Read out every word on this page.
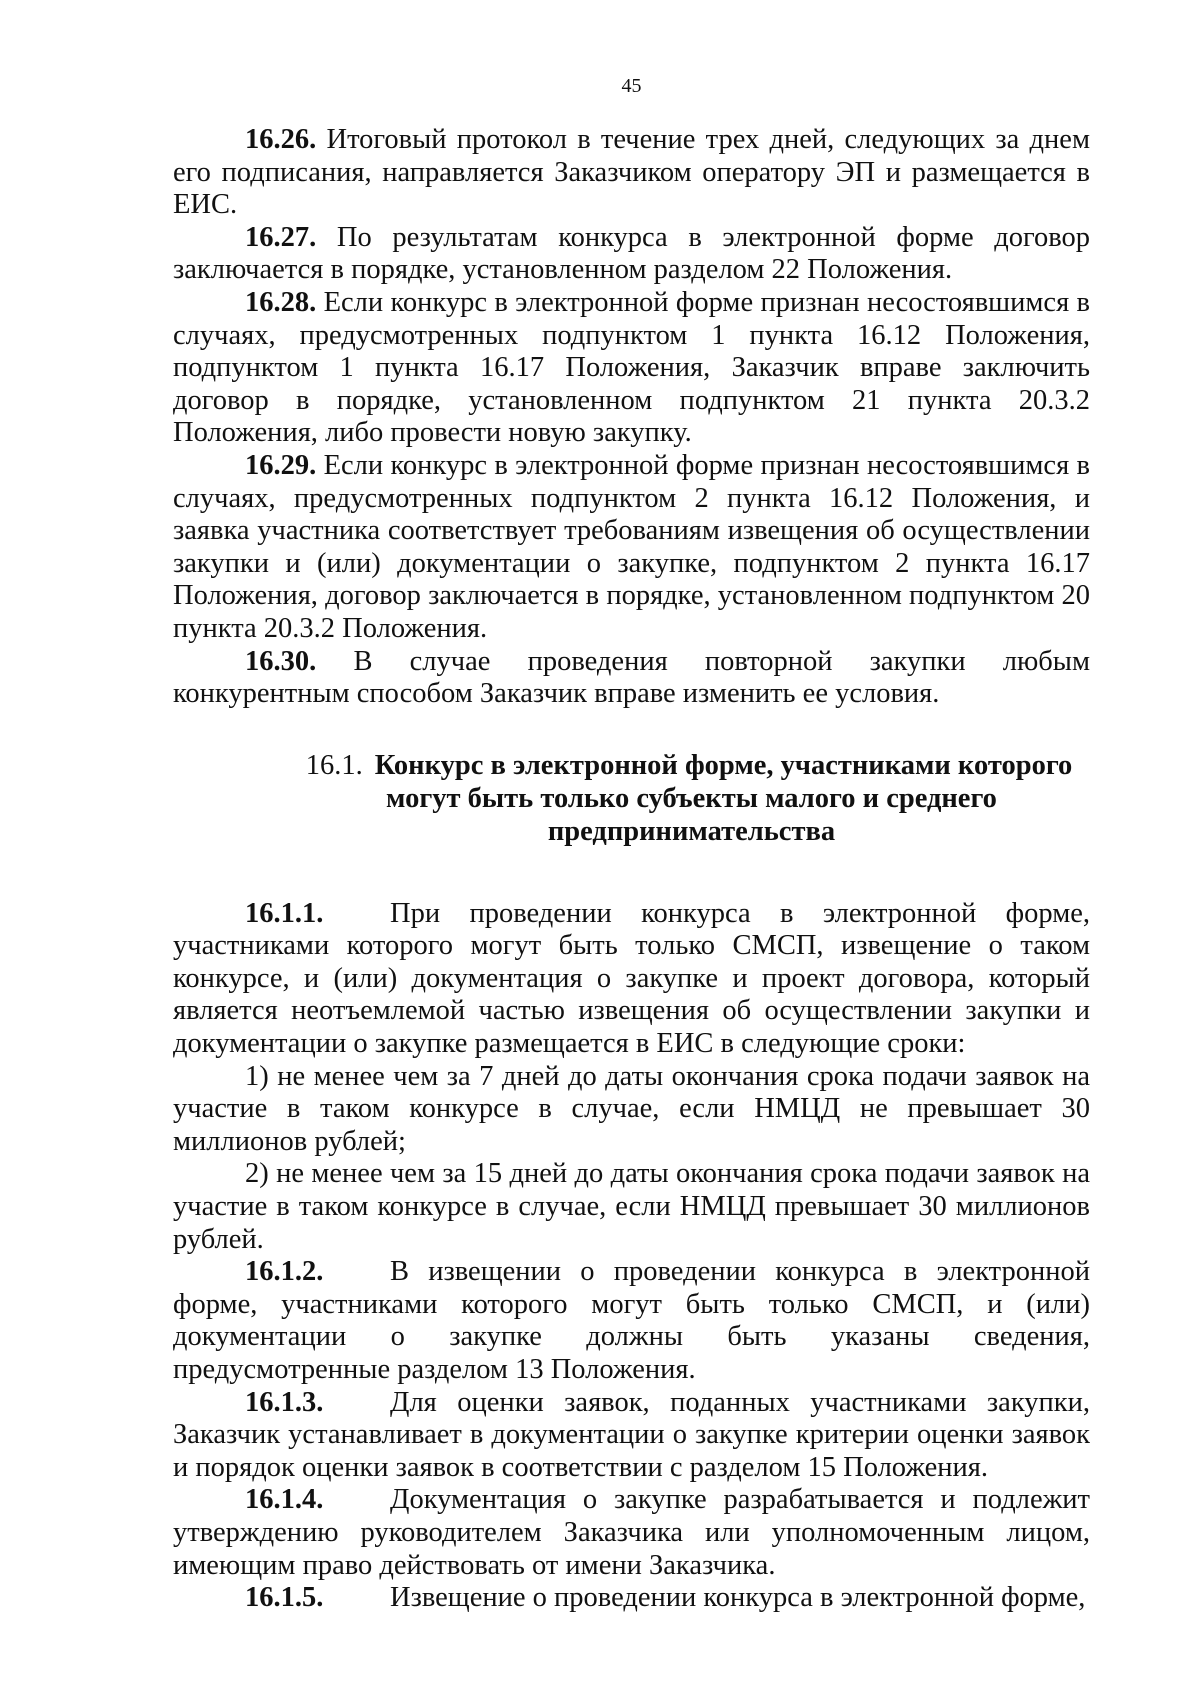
45

16.26. Итоговый протокол в течение трех дней, следующих за днем его подписания, направляется Заказчиком оператору ЭП и размещается в ЕИС.

16.27. По результатам конкурса в электронной форме договор заключается в порядке, установленном разделом 22 Положения.

16.28. Если конкурс в электронной форме признан несостоявшимся в случаях, предусмотренных подпунктом 1 пункта 16.12 Положения, подпунктом 1 пункта 16.17 Положения, Заказчик вправе заключить договор в порядке, установленном подпунктом 21 пункта 20.3.2 Положения, либо провести новую закупку.

16.29. Если конкурс в электронной форме признан несостоявшимся в случаях, предусмотренных подпунктом 2 пункта 16.12 Положения, и заявка участника соответствует требованиям извещения об осуществлении закупки и (или) документации о закупке, подпунктом 2 пункта 16.17 Положения, договор заключается в порядке, установленном подпунктом 20 пункта 20.3.2 Положения.

16.30. В случае проведения повторной закупки любым конкурентным способом Заказчик вправе изменить ее условия.

16.1. Конкурс в электронной форме, участниками которого
могут быть только субъекты малого и среднего
предпринимательства

16.1.1. При проведении конкурса в электронной форме, участниками которого могут быть только СМСП, извещение о таком конкурсе, и (или) документация о закупке и проект договора, который является неотъемлемой частью извещения об осуществлении закупки и документации о закупке размещается в ЕИС в следующие сроки:

1) не менее чем за 7 дней до даты окончания срока подачи заявок на участие в таком конкурсе в случае, если НМЦД не превышает 30 миллионов рублей;

2) не менее чем за 15 дней до даты окончания срока подачи заявок на участие в таком конкурсе в случае, если НМЦД превышает 30 миллионов рублей.

16.1.2. В извещении о проведении конкурса в электронной форме, участниками которого могут быть только СМСП, и (или) документации о закупке должны быть указаны сведения, предусмотренные разделом 13 Положения.

16.1.3. Для оценки заявок, поданных участниками закупки, Заказчик устанавливает в документации о закупке критерии оценки заявок и порядок оценки заявок в соответствии с разделом 15 Положения.

16.1.4. Документация о закупке разрабатывается и подлежит утверждению руководителем Заказчика или уполномоченным лицом, имеющим право действовать от имени Заказчика.

16.1.5. Извещение о проведении конкурса в электронной форме,
